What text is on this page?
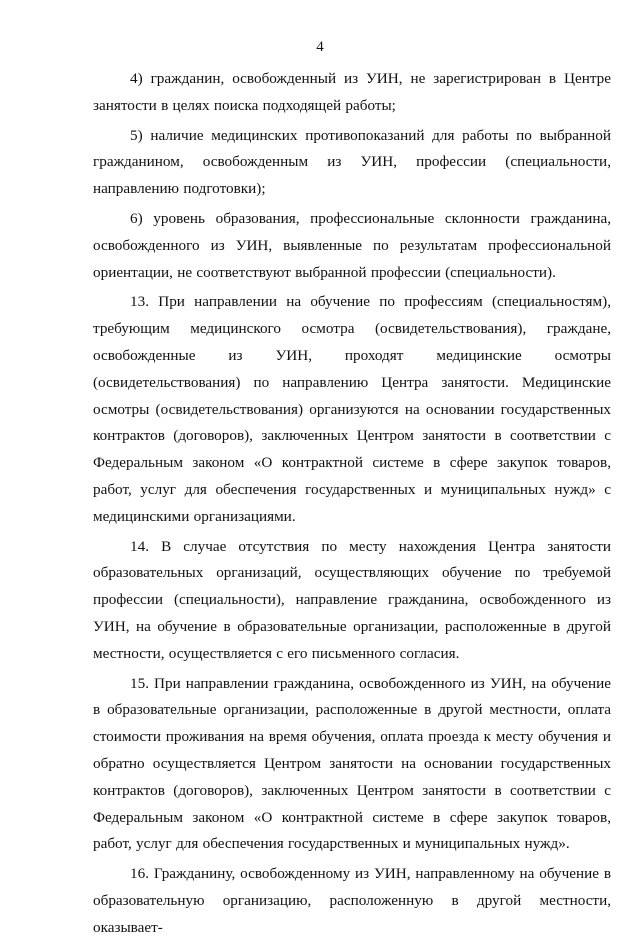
4

4) гражданин, освобожденный из УИН, не зарегистрирован в Центре занятости в целях поиска подходящей работы;

5) наличие медицинских противопоказаний для работы по выбранной гражданином, освобожденным из УИН, профессии (специальности, направлению подготовки);

6) уровень образования, профессиональные склонности гражданина, освобожденного из УИН, выявленные по результатам профессиональной ориентации, не соответствуют выбранной профессии (специальности).

13. При направлении на обучение по профессиям (специальностям), требующим медицинского осмотра (освидетельствования), граждане, освобожденные из УИН, проходят медицинские осмотры (освидетельствования) по направлению Центра занятости. Медицинские осмотры (освидетельствования) организуются на основании государственных контрактов (договоров), заключенных Центром занятости в соответствии с Федеральным законом «О контрактной системе в сфере закупок товаров, работ, услуг для обеспечения государственных и муниципальных нужд» с медицинскими организациями.

14. В случае отсутствия по месту нахождения Центра занятости образовательных организаций, осуществляющих обучение по требуемой профессии (специальности), направление гражданина, освобожденного из УИН, на обучение в образовательные организации, расположенные в другой местности, осуществляется с его письменного согласия.

15. При направлении гражданина, освобожденного из УИН, на обучение в образовательные организации, расположенные в другой местности, оплата стоимости проживания на время обучения, оплата проезда к месту обучения и обратно осуществляется Центром занятости на основании государственных контрактов (договоров), заключенных Центром занятости в соответствии с Федеральным законом «О контрактной системе в сфере закупок товаров, работ, услуг для обеспечения государственных и муниципальных нужд».

16. Гражданину, освобожденному из УИН, направленному на обучение в образовательную организацию, расположенную в другой местности, оказывает-
